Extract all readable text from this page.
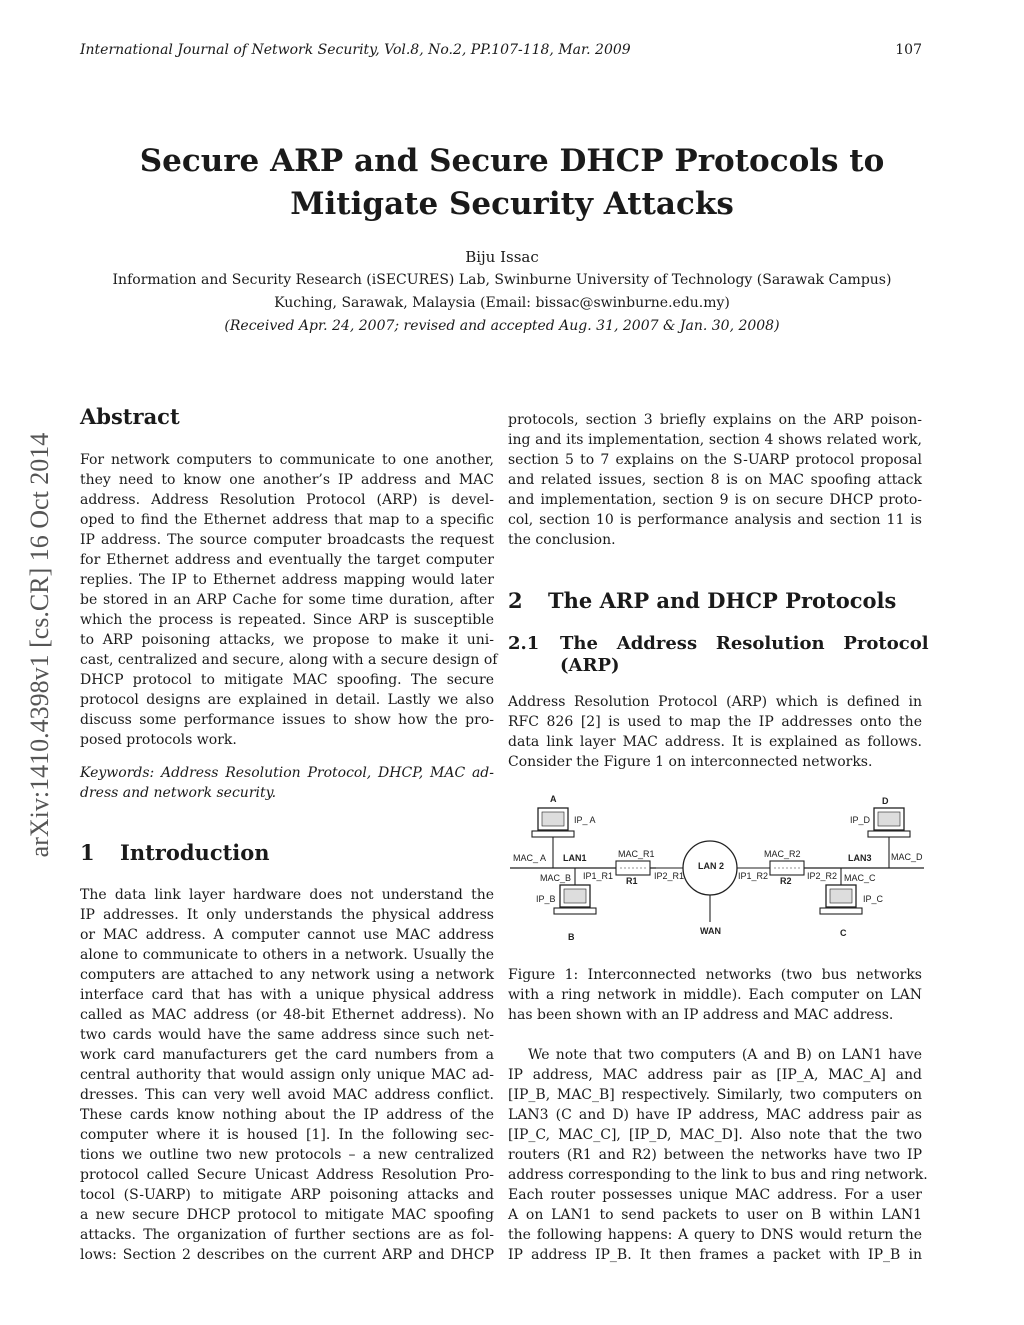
International Journal of Network Security, Vol.8, No.2, PP.107-118, Mar. 2009	107
Secure ARP and Secure DHCP Protocols to
Mitigate Security Attacks
Biju Issac
Information and Security Research (iSECURES) Lab, Swinburne University of Technology (Sarawak Campus)
Kuching, Sarawak, Malaysia (Email: bissac@swinburne.edu.my)
(Received Apr. 24, 2007; revised and accepted Aug. 31, 2007 & Jan. 30, 2008)
arXiv:1410.4398v1 [cs.CR] 16 Oct 2014
Abstract
For network computers to communicate to one another,
they need to know one another’s IP address and MAC
address. Address Resolution Protocol (ARP) is devel-
oped to find the Ethernet address that map to a specific
IP address. The source computer broadcasts the request
for Ethernet address and eventually the target computer
replies. The IP to Ethernet address mapping would later
be stored in an ARP Cache for some time duration, after
which the process is repeated. Since ARP is susceptible
to ARP poisoning attacks, we propose to make it uni-
cast, centralized and secure, along with a secure design of
DHCP protocol to mitigate MAC spoofing. The secure
protocol designs are explained in detail. Lastly we also
discuss some performance issues to show how the pro-
posed protocols work.
Keywords: Address Resolution Protocol, DHCP, MAC ad-
dress and network security.
1 Introduction
The data link layer hardware does not understand the
IP addresses. It only understands the physical address
or MAC address. A computer cannot use MAC address
alone to communicate to others in a network. Usually the
computers are attached to any network using a network
interface card that has with a unique physical address
called as MAC address (or 48-bit Ethernet address). No
two cards would have the same address since such net-
work card manufacturers get the card numbers from a
central authority that would assign only unique MAC ad-
dresses. This can very well avoid MAC address conflict.
These cards know nothing about the IP address of the
computer where it is housed [1]. In the following sec-
tions we outline two new protocols – a new centralized
protocol called Secure Unicast Address Resolution Pro-
tocol (S-UARP) to mitigate ARP poisoning attacks and
a new secure DHCP protocol to mitigate MAC spoofing
attacks. The organization of further sections are as fol-
lows: Section 2 describes on the current ARP and DHCP
protocols, section 3 briefly explains on the ARP poison-
ing and its implementation, section 4 shows related work,
section 5 to 7 explains on the S-UARP protocol proposal
and related issues, section 8 is on MAC spoofing attack
and implementation, section 9 is on secure DHCP proto-
col, section 10 is performance analysis and section 11 is
the conclusion.
2 The ARP and DHCP Protocols
2.1 The   Address   Resolution   Protocol
(ARP)
Address Resolution Protocol (ARP) which is defined in
RFC 826 [2] is used to map the IP addresses onto the
data link layer MAC address. It is explained as follows.
Consider the Figure 1 on interconnected networks.
A
IP_ A
MAC_ A LAN1
MAC_B IP1_R1
IP_B
B
MAC_R1
R1 IP2_R1
LAN 2
WAN
IP1_R2
MAC_R2
R2 IP2_R2 MAC_C
IP_C
C
LAN3 MAC_D
IP_D
D
Figure 1: Interconnected networks (two bus networks
with a ring network in middle). Each computer on LAN
has been shown with an IP address and MAC address.
We note that two computers (A and B) on LAN1 have
IP address, MAC address pair as [IP_A, MAC_A] and
[IP_B, MAC_B] respectively. Similarly, two computers on
LAN3 (C and D) have IP address, MAC address pair as
[IP_C, MAC_C], [IP_D, MAC_D]. Also note that the two
routers (R1 and R2) between the networks have two IP
address corresponding to the link to bus and ring network.
Each router possesses unique MAC address. For a user
A on LAN1 to send packets to user on B within LAN1
the following happens: A query to DNS would return the
IP address IP_B. It then frames a packet with IP_B in
